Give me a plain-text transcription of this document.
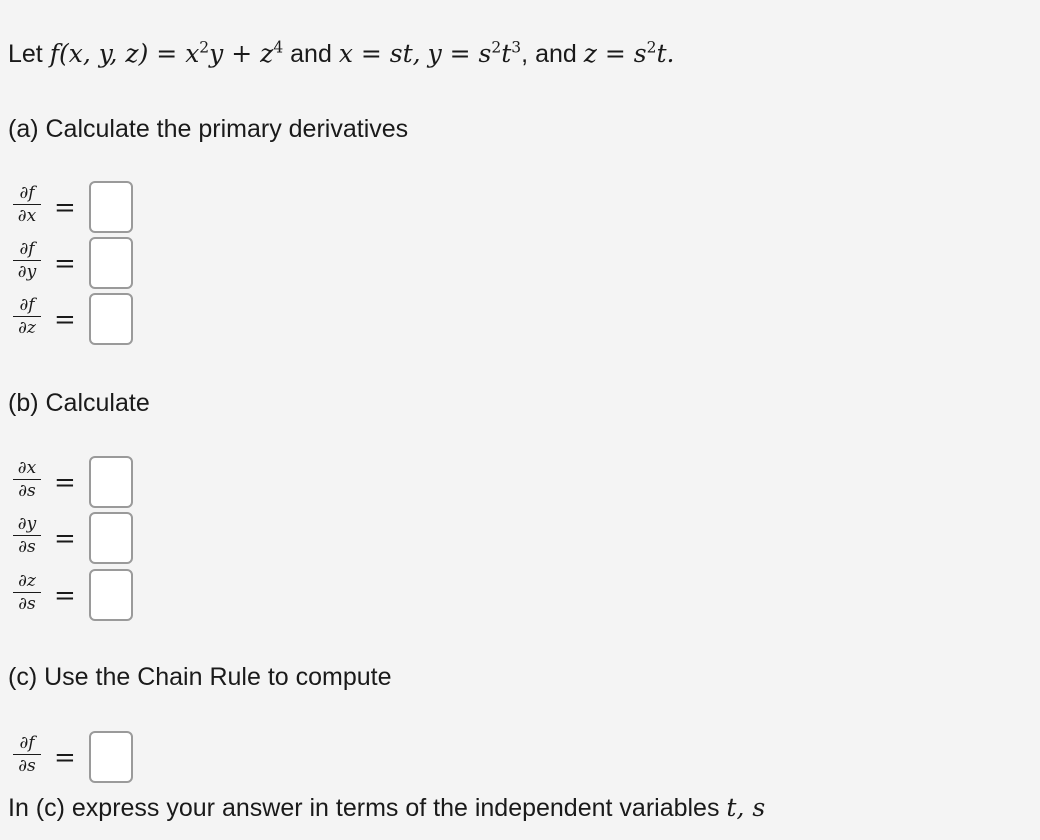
Let f(x, y, $z) = x^2y + z^4$ and x = st, $y = s^2t^3$, and $z = s^2t$.
(a) Calculate the primary derivatives
∂f
∂x =
∂f
∂y =
∂f
∂z =
(b) Calculate
∂x
∂s =
∂y
∂s =
∂z
∂s =
(c) Use the Chain Rule to compute
∂f
∂s =
In (c) express your answer in terms of the independent variables t, s
